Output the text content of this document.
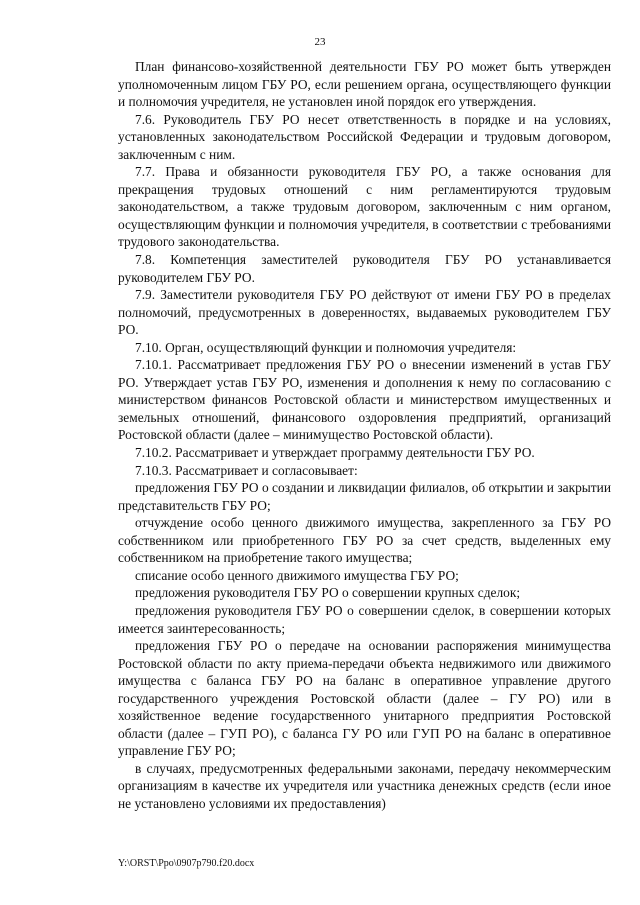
23

План финансово-хозяйственной деятельности ГБУ РО может быть утвержден уполномоченным лицом ГБУ РО, если решением органа, осуществляющего функции и полномочия учредителя, не установлен иной порядок его утверждения.

7.6. Руководитель ГБУ РО несет ответственность в порядке и на условиях, установленных законодательством Российской Федерации и трудовым договором, заключенным с ним.

7.7. Права и обязанности руководителя ГБУ РО, а также основания для прекращения трудовых отношений с ним регламентируются трудовым законодательством, а также трудовым договором, заключенным с ним органом, осуществляющим функции и полномочия учредителя, в соответствии с требованиями трудового законодательства.

7.8. Компетенция заместителей руководителя ГБУ РО устанавливается руководителем ГБУ РО.

7.9. Заместители руководителя ГБУ РО действуют от имени ГБУ РО в пределах полномочий, предусмотренных в доверенностях, выдаваемых руководителем ГБУ РО.

7.10. Орган, осуществляющий функции и полномочия учредителя:

7.10.1. Рассматривает предложения ГБУ РО о внесении изменений в устав ГБУ РО. Утверждает устав ГБУ РО, изменения и дополнения к нему по согласованию с министерством финансов Ростовской области и министерством имущественных и земельных отношений, финансового оздоровления предприятий, организаций Ростовской области (далее – минимущество Ростовской области).

7.10.2. Рассматривает и утверждает программу деятельности ГБУ РО.

7.10.3. Рассматривает и согласовывает:

предложения ГБУ РО о создании и ликвидации филиалов, об открытии и закрытии представительств ГБУ РО;

отчуждение особо ценного движимого имущества, закрепленного за ГБУ РО собственником или приобретенного ГБУ РО за счет средств, выделенных ему собственником на приобретение такого имущества;

списание особо ценного движимого имущества ГБУ РО;

предложения руководителя ГБУ РО о совершении крупных сделок;

предложения руководителя ГБУ РО о совершении сделок, в совершении которых имеется заинтересованность;

предложения ГБУ РО о передаче на основании распоряжения минимущества Ростовской области по акту приема-передачи объекта недвижимого или движимого имущества с баланса ГБУ РО на баланс в оперативное управление другого государственного учреждения Ростовской области (далее – ГУ РО) или в хозяйственное ведение государственного унитарного предприятия Ростовской области (далее – ГУП РО), с баланса ГУ РО или ГУП РО на баланс в оперативное управление ГБУ РО;

в случаях, предусмотренных федеральными законами, передачу некоммерческим организациям в качестве их учредителя или участника денежных средств (если иное не установлено условиями их предоставления)

Y:\ORST\Ppo\0907p790.f20.docx
